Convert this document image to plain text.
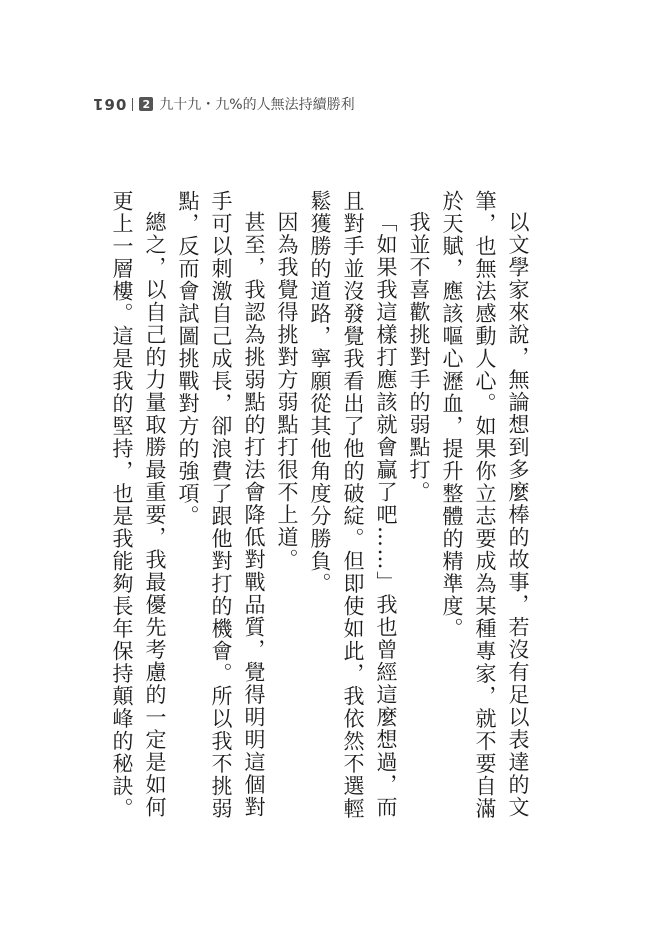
061 2 九十九・九%的人無法持續勝利

以文學家來說，無論想到多麼棒的故事，若沒有足以表達的文筆，也無法感動人心。如果你立志要成為某種專家，就不要自滿於天賦，應該嘔心瀝血，提升整體的精準度。

我並不喜歡挑對手的弱點打。

「如果我這樣打應該就會贏了吧……」我也曾經這麼想過，而且對手並沒發覺我看出了他的破綻。但即使如此，我依然不選輕鬆獲勝的道路，寧願從其他角度分勝負。

因為我覺得挑對方弱點打很不上道。

甚至，我認為挑弱點的打法會降低對戰品質，覺得明明這個對手可以刺激自己成長，卻浪費了跟他對打的機會。所以我不挑弱點，反而會試圖挑戰對方的強項。

總之，以自己的力量取勝最重要，我最優先考慮的一定是如何更上一層樓。這是我的堅持，也是我能夠長年保持顛峰的秘訣。
